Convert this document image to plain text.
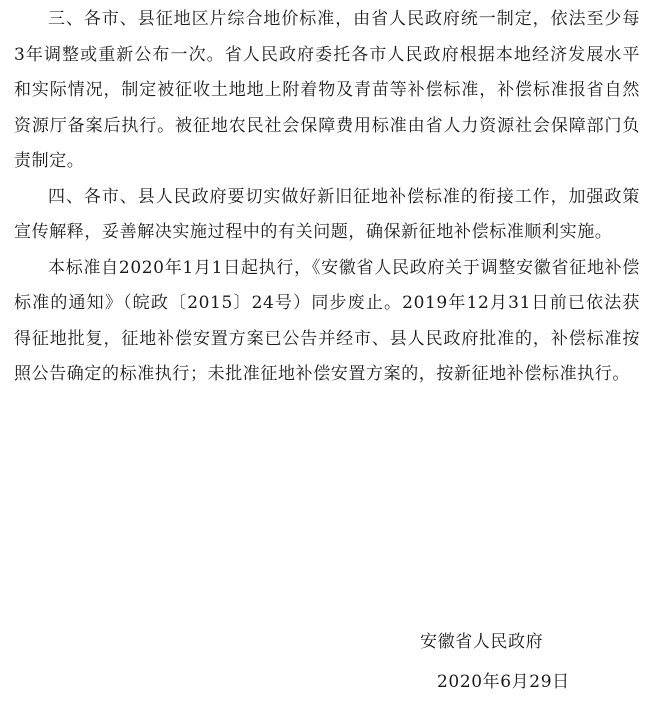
三、各市、县征地区片综合地价标准，由省人民政府统一制定，依法至少每3年调整或重新公布一次。省人民政府委托各市人民政府根据本地经济发展水平和实际情况，制定被征收土地地上附着物及青苗等补偿标准，补偿标准报省自然资源厅备案后执行。被征地农民社会保障费用标准由省人力资源社会保障部门负责制定。

四、各市、县人民政府要切实做好新旧征地补偿标准的衔接工作，加强政策宣传解释，妥善解决实施过程中的有关问题，确保新征地补偿标准顺利实施。

本标准自2020年1月1日起执行，《安徽省人民政府关于调整安徽省征地补偿标准的通知》（皖政〔2015〕24号）同步废止。2019年12月31日前已依法获得征地批复，征地补偿安置方案已公告并经市、县人民政府批准的，补偿标准按照公告确定的标准执行；未批准征地补偿安置方案的，按新征地补偿标准执行。

安徽省人民政府
2020年6月29日
